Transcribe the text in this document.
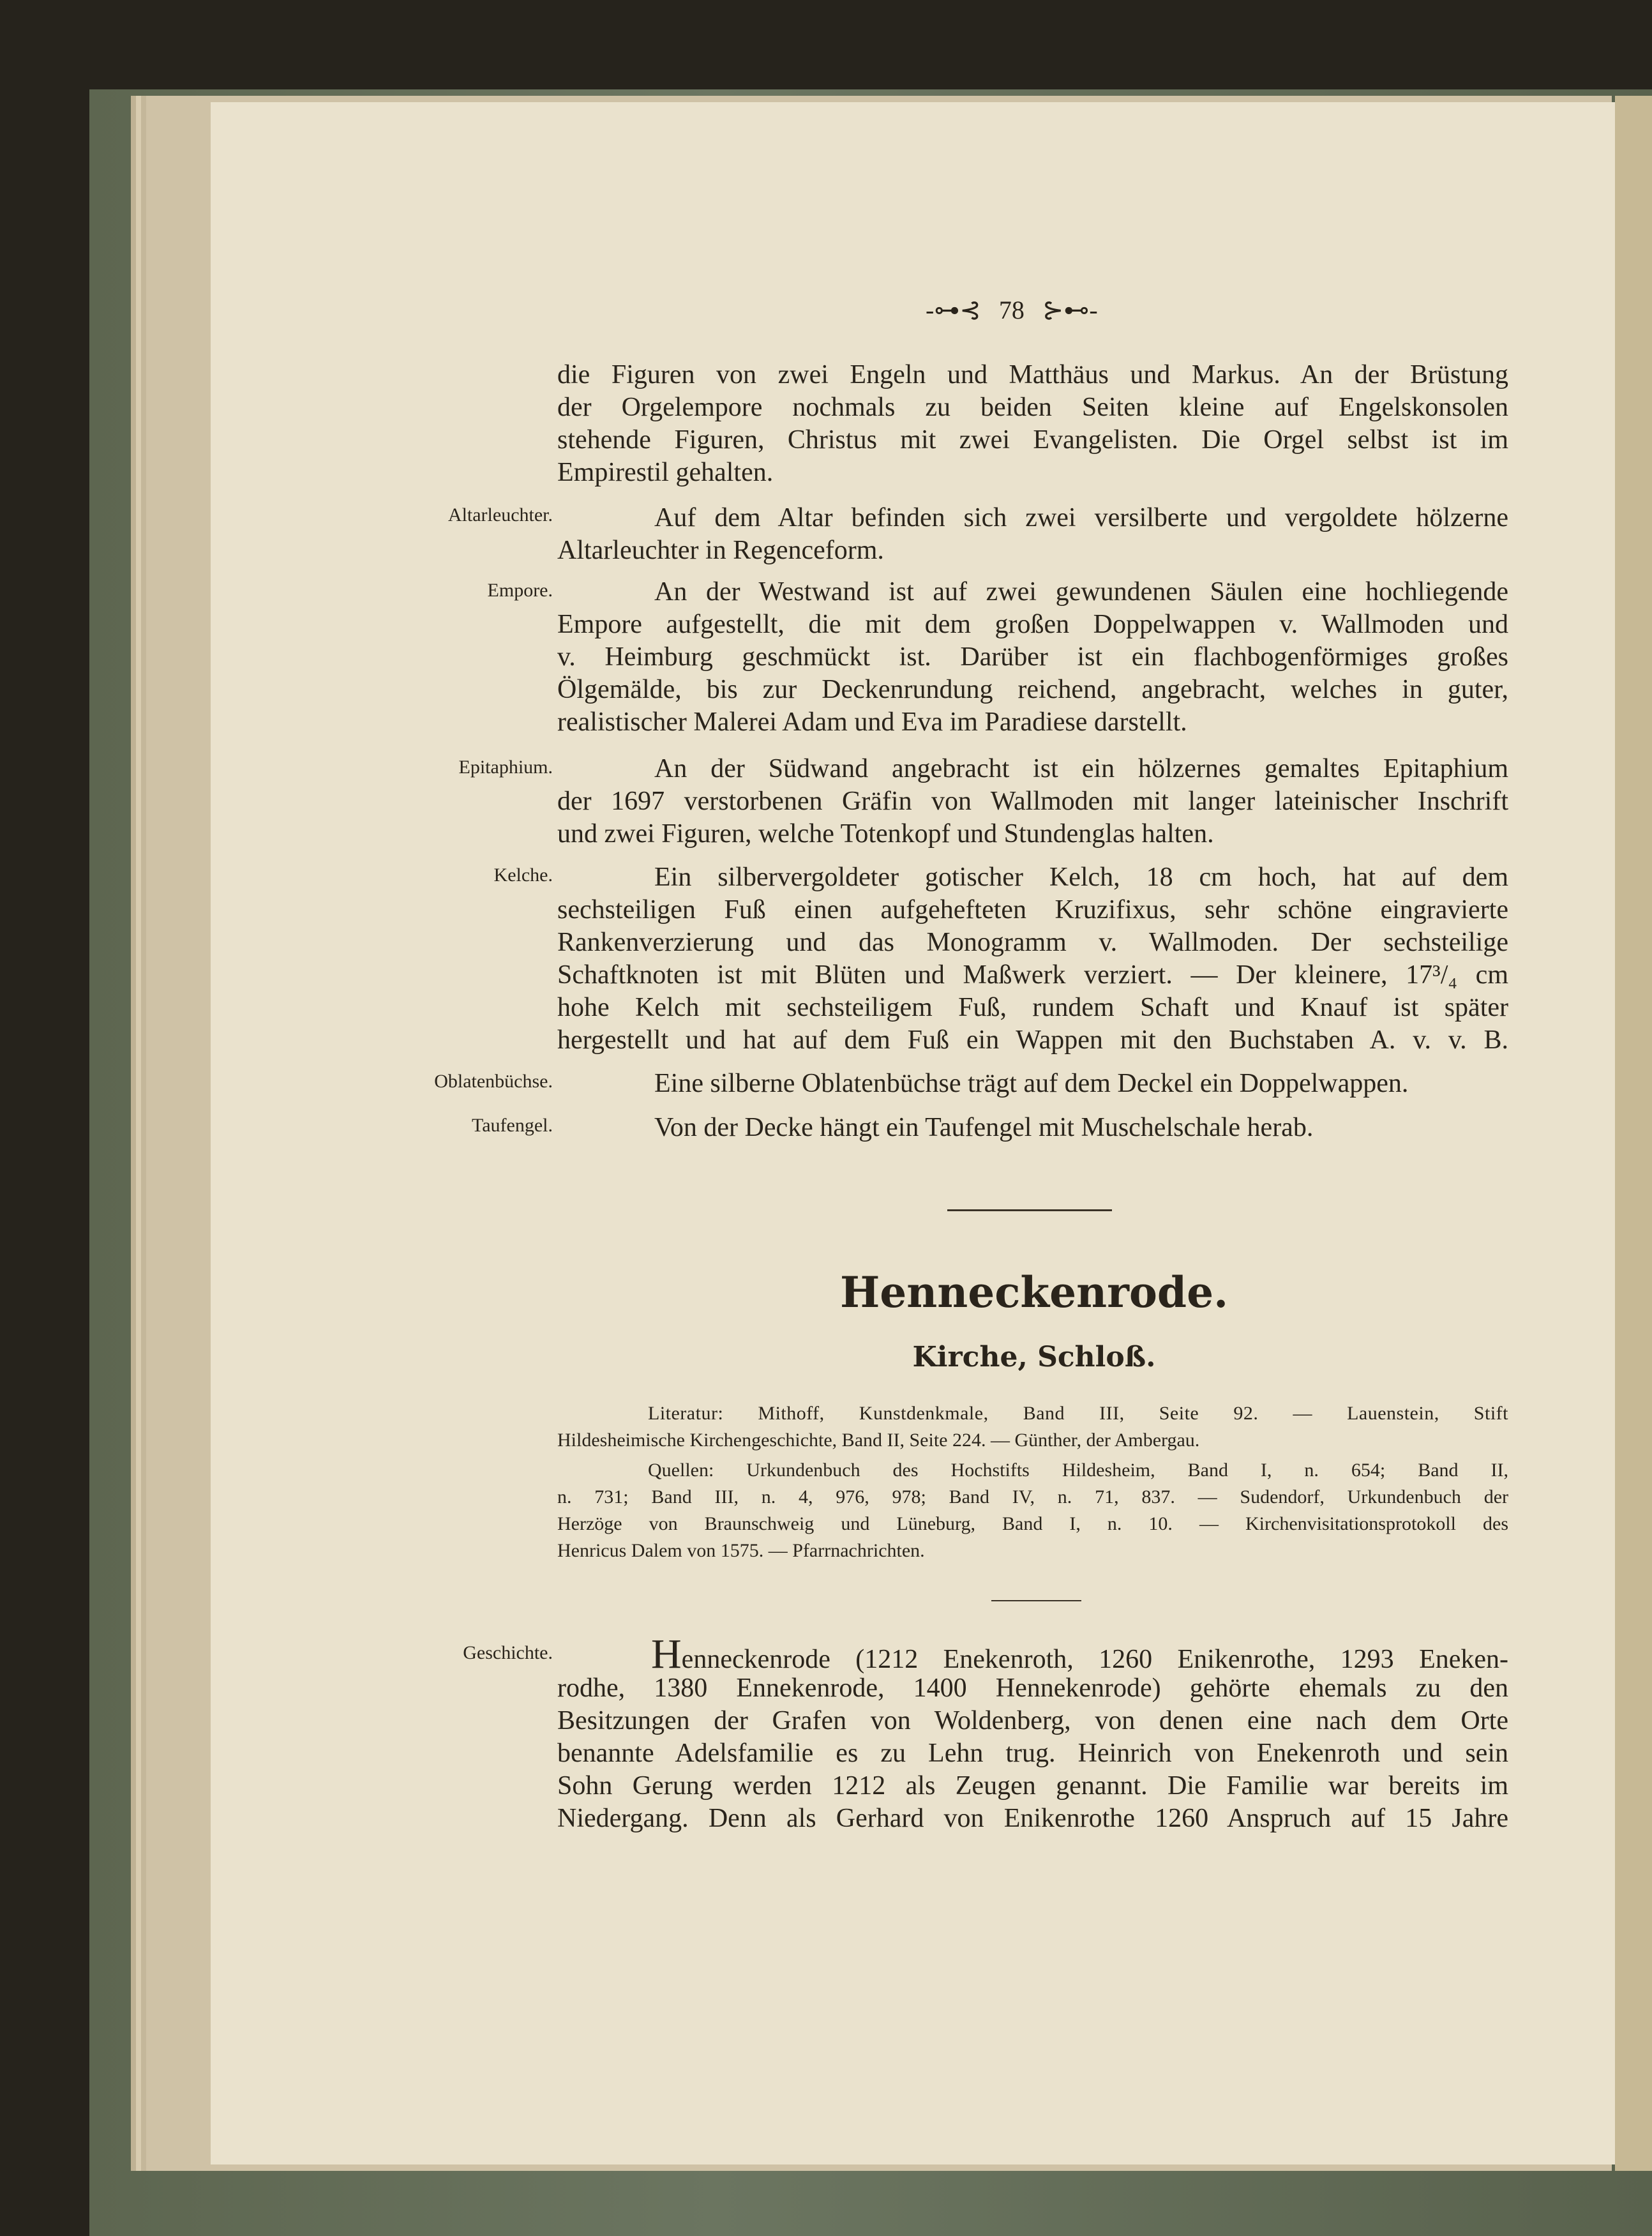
-⊶⊰ 78 ⊱⊷-

die Figuren von zwei Engeln und Matthäus und Markus. An der Brüstung

der Orgelempore nochmals zu beiden Seiten kleine auf Engelskonsolen

stehende Figuren, Christus mit zwei Evangelisten. Die Orgel selbst ist im

Empirestil gehalten.

Altarleuchter.	Auf dem Altar befinden sich zwei versilberte und vergoldete hölzerne

Altarleuchter in Regenceform.

Empore.	An der Westwand ist auf zwei gewundenen Säulen eine hochliegende

Empore aufgestellt, die mit dem großen Doppelwappen v. Wallmoden und

v. Heimburg geschmückt ist. Darüber ist ein flachbogenförmiges großes

Ölgemälde, bis zur Deckenrundung reichend, angebracht, welches in guter,

realistischer Malerei Adam und Eva im Paradiese darstellt.

Epitaphium.	An der Südwand angebracht ist ein hölzernes gemaltes Epitaphium

der 1697 verstorbenen Gräfin von Wallmoden mit langer lateinischer Inschrift

und zwei Figuren, welche Totenkopf und Stundenglas halten.

Kelche.	Ein silbervergoldeter gotischer Kelch, 18 cm hoch, hat auf dem

sechsteiligen Fuß einen aufgehefteten Kruzifixus, sehr schöne eingravierte

Rankenverzierung und das Monogramm v. Wallmoden. Der sechsteilige

Schaftknoten ist mit Blüten und Maßwerk verziert. — Der kleinere, 17³/₄ cm

hohe Kelch mit sechsteiligem Fuß, rundem Schaft und Knauf ist später

hergestellt und hat auf dem Fuß ein Wappen mit den Buchstaben A. v. v. B.

Oblatenbüchse.	Eine silberne Oblatenbüchse trägt auf dem Deckel ein Doppelwappen.

Taufengel.	Von der Decke hängt ein Taufengel mit Muschelschale herab.

Henneckenrode.
Kirche, Schloß.

Literatur: Mithoff, Kunstdenkmale, Band III, Seite 92. — Lauenstein, Stift

Hildesheimische Kirchengeschichte, Band II, Seite 224. — Günther, der Ambergau.

Quellen: Urkundenbuch des Hochstifts Hildesheim, Band I, n. 654; Band II,

n. 731; Band III, n. 4, 976, 978; Band IV, n. 71, 837. — Sudendorf, Urkundenbuch der

Herzöge von Braunschweig und Lüneburg, Band I, n. 10. — Kirchenvisitationsprotokoll des

Henricus Dalem von 1575. — Pfarrnachrichten.

Geschichte. Henneckenrode (1212 Enekenroth, 1260 Enikenrothe, 1293 Eneken-

rodhe, 1380 Ennekenrode, 1400 Hennekenrode) gehörte ehemals zu den

Besitzungen der Grafen von Woldenberg, von denen eine nach dem Orte

benannte Adelsfamilie es zu Lehn trug. Heinrich von Enekenroth und sein

Sohn Gerung werden 1212 als Zeugen genannt. Die Familie war bereits im

Niedergang. Denn als Gerhard von Enikenrothe 1260 Anspruch auf 15 Jahre
